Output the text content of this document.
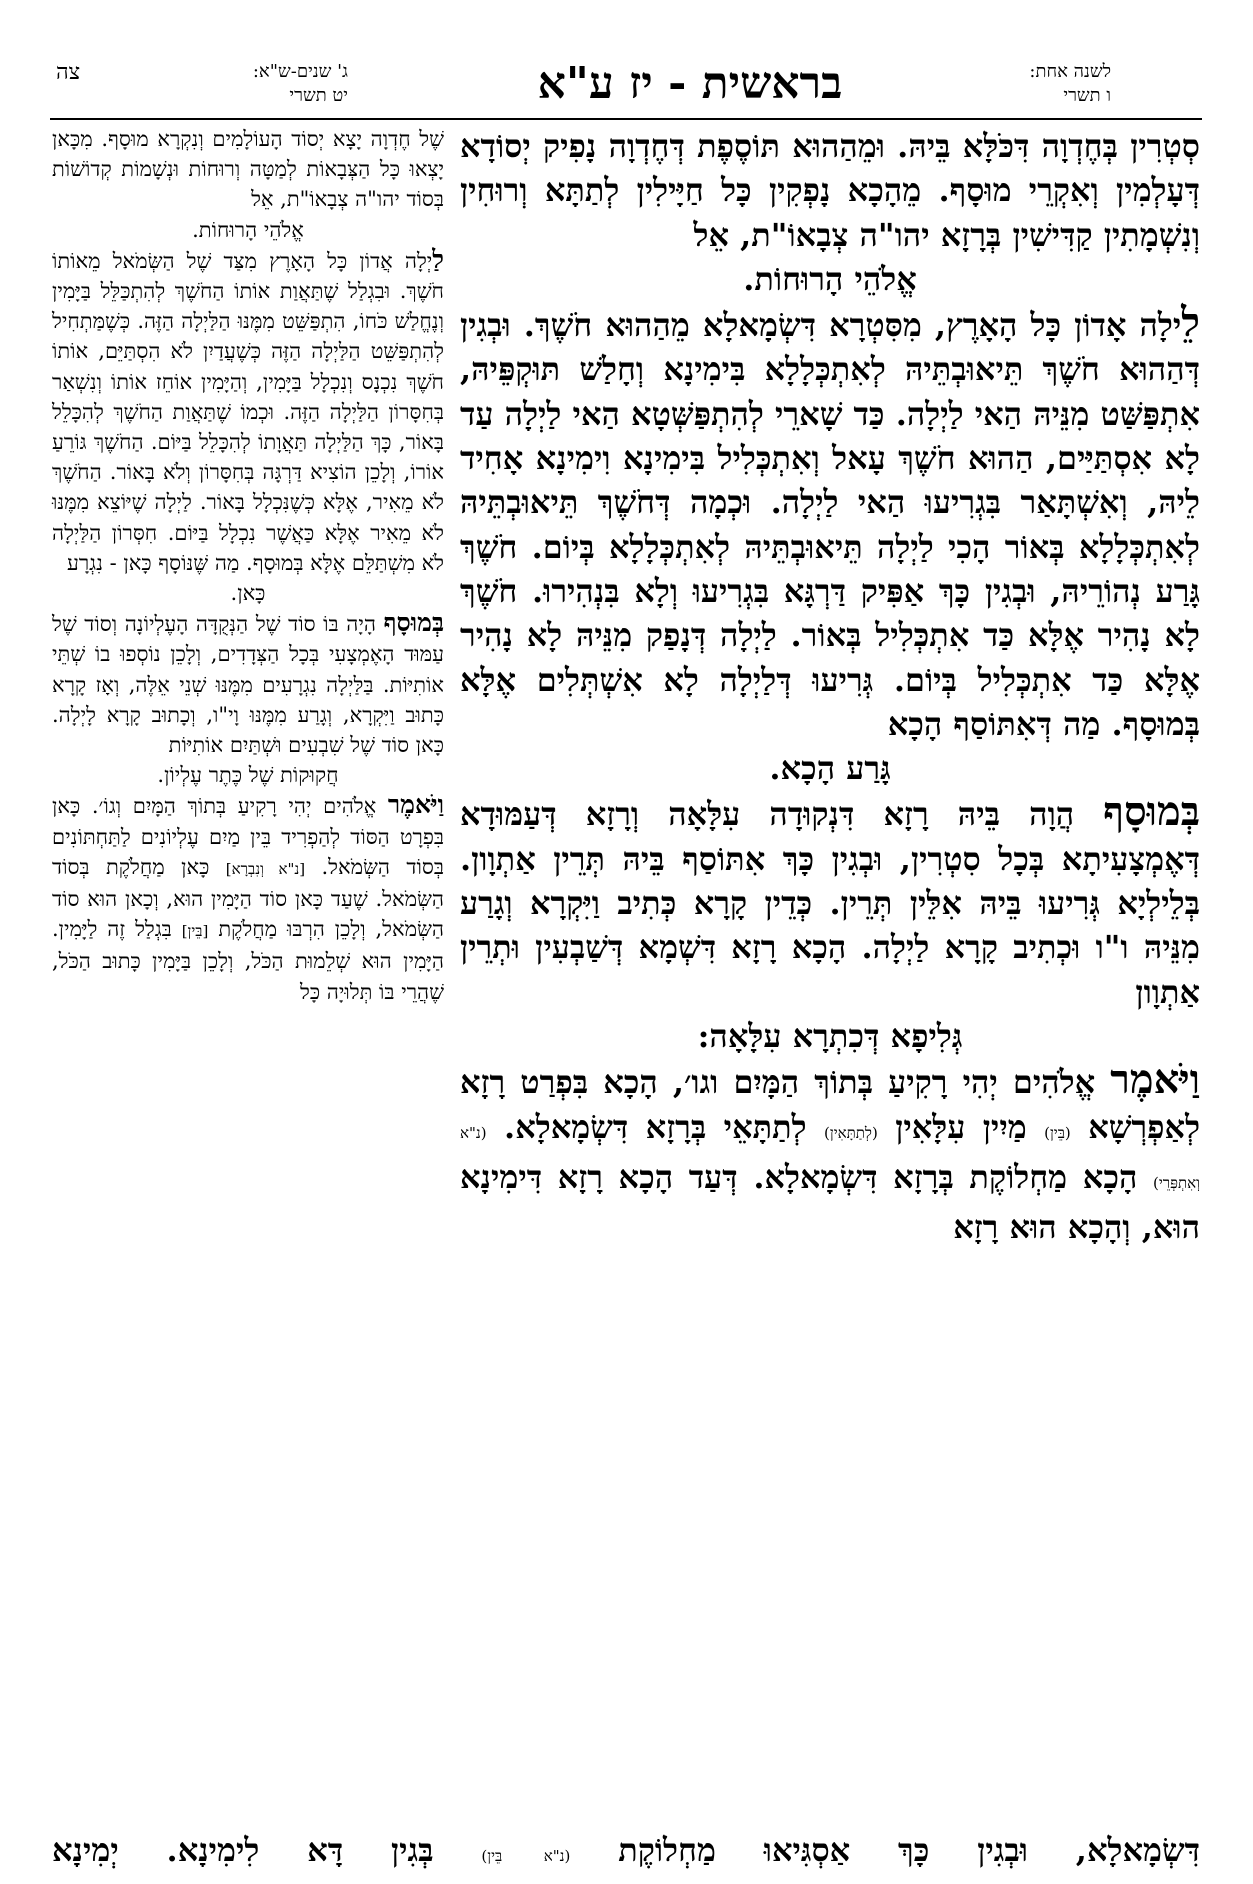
לשנה אחת:
ו תשרי
בראשית - יז ע"א
ג' שנים-ש"א:
יט תשרי
צה

סְטְרִין בְּחֶדְוָה דִּכֹּלָּא בֵּיהּ. וּמֵהַהוּא תּוֹסֶפֶת דְּחֶדְוָה נָפִיק יְסוֹדָא דְּעָלְמִין וְאִקְרֵי מוּסָף. מֵהָכָא נָפְקִין כָּל חַיָּילִין לְתַתָּא וְרוּחִין וְנִשְׁמָתִין קַדִּישִׁין בְּרָזָא יהו"ה צְבָאוֹ"ת, אֵל

אֱלֹהֵי הָרוּחוֹת.

לֵילָה אָדוֹן כָּל הָאָרֶץ, מִסִּטְרָא דִּשְׂמָאלָא מֵהַהוּא חֹשֶׁךְ. וּבְגִין דְּהַהוּא חֹשֶׁךְ תֵּיאוּבְתֵּיהּ לְאִתְכְּלָלָא בִּימִינָא וְחָלַשׁ תּוּקְפֵּיהּ, אִתְפַּשַּׁט מִנֵּיהּ הַאי לַיְלָה. כַּד שָׁארֵי לְהִתְפַּשְּׁטָא הַאי לַיְלָה עַד לָא אִסְתַּיַּים, הַהוּא חֹשֶׁךְ עָאל וְאִתְכְּלִיל בִּימִינָא וִימִינָא אָחִיד לֵיהּ, וְאִשְׁתָּאַר בִּגְרִיעוּ הַאי לַיְלָה. וּכְמָה דְּחֹשֶׁךְ תֵּיאוּבְתֵּיהּ לְאִתְכְּלָלָא בְּאוֹר הָכִי לַיְלָה תֵּיאוּבְתֵּיהּ לְאִתְכְּלָלָא בְּיוֹם. חֹשֶׁךְ גָּרַע נְהוֹרֵיהּ, וּבְגִין כָּךְ אַפִּיק דַּרְגָּא בִּגְרִיעוּ וְלָא בִּנְהִירוּ. חֹשֶׁךְ לָא נָהִיר אֶלָּא כַּד אִתְכְּלִיל בְּאוֹר. לַיְלָה דְּנָפַק מִנֵּיהּ לָא נָהִיר אֶלָּא כַּד אִתְכְּלִיל בְּיוֹם. גְּרִיעוּ דְּלַיְלָה לָא אִשְׁתְּלִים אֶלָּא בְּמוּסָף. מַה דְּאִתּוֹסַף הָכָא

גָּרַע הָכָא.

בְּמוּסָף הֲוָה בֵּיהּ רָזָא דִּנְקוּדָה עִלָּאָה וְרָזָא דְּעַמּוּדָא דְּאֶמְצָעִיתָא בְּכָל סִטְרִין, וּבְגִין כָּךְ אִתּוֹסַף בֵּיהּ תְּרֵין אַתְוָון. בְּלֵילְיָא גְּרִיעוּ בֵּיהּ אִלֵּין תְּרֵין. כְּדֵין קָרָא כְּתִיב וַיִּקְרָא וְגָרַע מִנֵּיהּ ו"ו וּכְתִיב קָרָא לַיְלָה. הָכָא רָזָא דִּשְׁמָא דְּשַׁבְעִין וּתְרֵין אַתְוָון

גְּלִיפָא דְּכִתְרָא עִלָּאָה:

וַיֹּאמֶר אֱלֹהִים יְהִי רָקִיעַ בְּתוֹךְ הַמָּיִם וגו׳, הָכָא בִּפְרַט רָזָא לְאַפְרְשָׁא (בֵּין) מַיִין עִלָּאִין (לְתַתָּאִין) לְתַתָּאֵי בְּרָזָא דִּשְׂמָאלָא. (נ"א וְאִתְפְּרֵי) הָכָא מַחְלוֹקֶת בְּרָזָא דִּשְׂמָאלָא. דְּעַד הָכָא רָזָא דִּימִינָא הוּא, וְהָכָא הוּא רָזָא

שֶׁל חֶדְוָה יָצָא יְסוֹד הָעוֹלָמִים וְנִקְרָא מוּסָף. מִכָּאן יָצְאוּ כָּל הַצְּבָאוֹת לְמַטָּה וְרוּחוֹת וּנְשָׁמוֹת קְדוֹשׁוֹת בְּסוֹד יהו"ה צְבָאוֹ"ת, אֵל

אֱלֹהֵי הָרוּחוֹת.

לַיְלָה אֲדוֹן כָּל הָאָרֶץ מִצַּד שֶׁל הַשְּׂמֹאל מֵאוֹתוֹ חֹשֶׁךְ. וּבִגְלַל שֶׁתַּאֲוַת אוֹתוֹ הַחֹשֶׁךְ לְהִתְכַּלֵּל בַּיָּמִין וְנֶחֱלַשׁ כֹּחוֹ, הִתְפַּשֵּׁט מִמֶּנּוּ הַלַּיְלָה הַזֶּה. כְּשֶׁמַּתְחִיל לְהִתְפַּשֵּׁט הַלַּיְלָה הַזֶּה כְּשֶׁעֲדַיִן לֹא הִסְתַּיֵּם, אוֹתוֹ חֹשֶׁךְ נִכְנָס וְנִכְלָל בַּיָּמִין, וְהַיָּמִין אוֹחֵז אוֹתוֹ וְנִשְׁאַר בְּחִסָּרוֹן הַלַּיְלָה הַזֶּה. וּכְמוֹ שֶׁתַּאֲוַת הַחֹשֶׁךְ לְהִכָּלֵל בָּאוֹר, כָּךְ הַלַּיְלָה תַּאֲוָתוֹ לְהִכָּלֵל בַּיּוֹם. הַחֹשֶׁךְ גּוֹרֵעַ אוֹרוֹ, וְלָכֵן הוֹצִיא דַּרְגָּה בְּחִסָּרוֹן וְלֹא בָּאוֹר. הַחֹשֶׁךְ לֹא מֵאִיר, אֶלָּא כְּשֶׁנִּכְלָל בָּאוֹר. לַיְלָה שֶׁיּוֹצֵא מִמֶּנּוּ לֹא מֵאִיר אֶלָּא כַּאֲשֶׁר נִכְלָל בַּיּוֹם. חִסְּרוֹן הַלַּיְלָה לֹא מִשְׁתַּלֵּם אֶלָּא בְּמוּסָף. מַה שֶּׁנּוֹסָף כָּאן - נִגְרָע

כָּאן.

בְּמוּסָף הָיָה בּוֹ סוֹד שֶׁל הַנְּקֻדָּה הָעֶלְיוֹנָה וְסוֹד שֶׁל עַמּוּד הָאֶמְצָעִי בְּכָל הַצְּדָדִים, וְלָכֵן נוֹסְפוּ בוֹ שְׁתֵּי אוֹתִיּוֹת. בַּלַּיְלָה נִגְרָעִים מִמֶּנּוּ שְׁנֵי אֵלֶּה, וְאָז קָרָא כָּתוּב וַיִּקְרָא, וְגָרַע מִמֶּנּוּ וָי"ו, וְכָתוּב קָרָא לָיְלָה. כָּאן סוֹד שֶׁל שִׁבְעִים וּשְׁתַּיִם אוֹתִיּוֹת

חֲקוּקוֹת שֶׁל כֶּתֶר עֶלְיוֹן.

וַיֹּאמֶר אֱלֹהִים יְהִי רָקִיעַ בְּתוֹךְ הַמָּיִם וְגוֹ׳. כָּאן בִּפְרָט הַסּוֹד לְהַפְרִיד בֵּין מַיִם עֶלְיוֹנִים לַתַּחְתּוֹנִים בְּסוֹד הַשְּׂמֹאל. [נ"א וְנִבְרָא] כָּאן מַחֲלֹקֶת בְּסוֹד הַשְּׂמֹאל. שֶׁעַד כָּאן סוֹד הַיָּמִין הוּא, וְכָאן הוּא סוֹד הַשְּׂמֹאל, וְלָכֵן הִרְבּוּ מַחֲלֹקֶת [בֵּין] בִּגְלַל זֶה לַיָּמִין. הַיָּמִין הוּא שְׁלֵמוּת הַכֹּל, וְלָכֵן בַּיָּמִין כָּתוּב הַכֹּל, שֶׁהֲרֵי בּוֹ תְּלוּיָה כָּל

דִּשְׂמָאלָא, וּבְגִין כָּךְ אַסְגִּיאוּ מַחְלוֹקֶת (נ"א בֵּין) בְּגִין דָּא לִימִינָא. יְמִינָא
